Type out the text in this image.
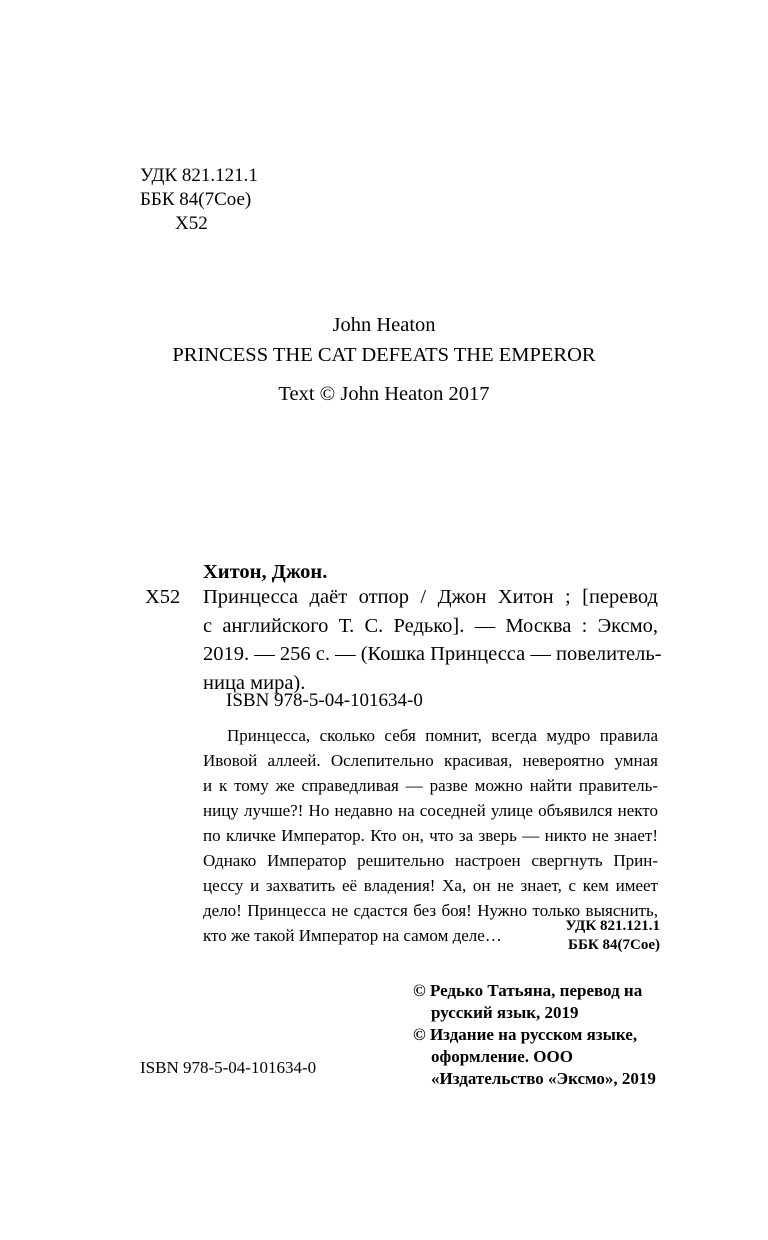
УДК 821.121.1
ББК 84(7Сое)
Х52
John Heaton
PRINCESS THE CAT DEFEATS THE EMPEROR
Text © John Heaton 2017
Хитон, Джон.
Х52 Принцесса даёт отпор / Джон Хитон ; [перевод
с английского Т. С. Редько]. — Москва : Эксмо,
2019. — 256 с. — (Кошка Принцесса — повелитель-
ница мира).
ISBN 978-5-04-101634-0
Принцесса, сколько себя помнит, всегда мудро правила
Ивовой аллеей. Ослепительно красивая, невероятно умная
и к тому же справедливая — разве можно найти правитель-
ницу лучше?! Но недавно на соседней улице объявился некто
по кличке Император. Кто он, что за зверь — никто не знает!
Однако Император решительно настроен свергнуть Прин-
цессу и захватить её владения! Ха, он не знает, с кем имеет
дело! Принцесса не сдастся без боя! Нужно только выяснить,
кто же такой Император на самом деле…	УДК 821.121.1
ББК 84(7Сое)
© Редько Татьяна, перевод на
русский язык, 2019
© Издание на русском языке,
оформление. ООО
«Издательство «Эксмо», 2019
ISBN 978-5-04-101634-0
